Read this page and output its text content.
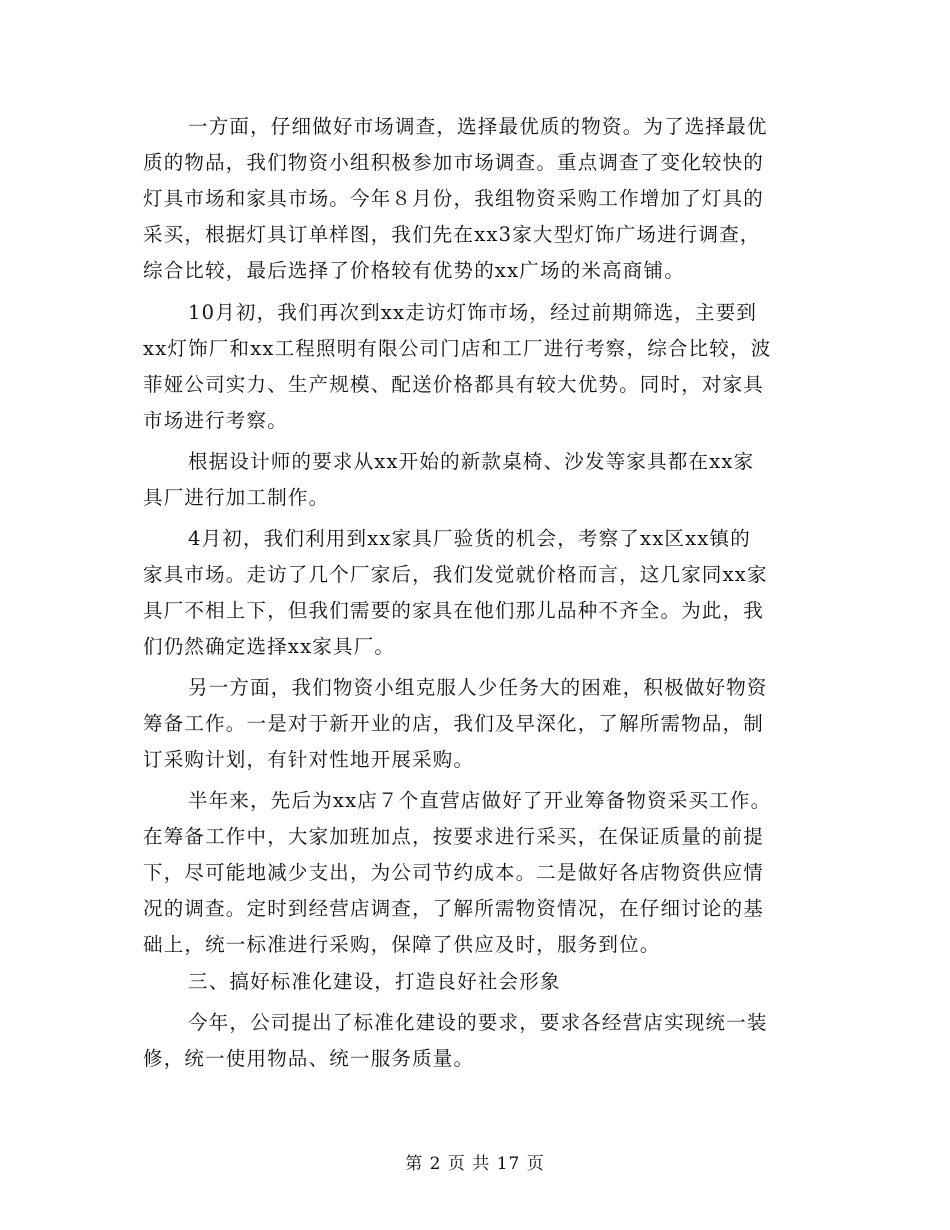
一方面，仔细做好市场调查，选择最优质的物资。为了选择最优
质的物品，我们物资小组积极参加市场调查。重点调查了变化较快的
灯具市场和家具市场。今年８月份，我组物资采购工作增加了灯具的
采买，根据灯具订单样图，我们先在xx3家大型灯饰广场进行调查，
综合比较，最后选择了价格较有优势的xx广场的米高商铺。
10月初，我们再次到xx走访灯饰市场，经过前期筛选，主要到
xx灯饰厂和xx工程照明有限公司门店和工厂进行考察，综合比较，波
菲娅公司实力、生产规模、配送价格都具有较大优势。同时，对家具
市场进行考察。
根据设计师的要求从xx开始的新款桌椅、沙发等家具都在xx家
具厂进行加工制作。
4月初，我们利用到xx家具厂验货的机会，考察了xx区xx镇的
家具市场。走访了几个厂家后，我们发觉就价格而言，这几家同xx家
具厂不相上下，但我们需要的家具在他们那儿品种不齐全。为此，我
们仍然确定选择xx家具厂。
另一方面，我们物资小组克服人少任务大的困难，积极做好物资
筹备工作。一是对于新开业的店，我们及早深化，了解所需物品，制
订采购计划，有针对性地开展采购。
半年来，先后为xx店７个直营店做好了开业筹备物资采买工作。
在筹备工作中，大家加班加点，按要求进行采买，在保证质量的前提
下，尽可能地减少支出，为公司节约成本。二是做好各店物资供应情
况的调查。定时到经营店调查，了解所需物资情况，在仔细讨论的基
础上，统一标准进行采购，保障了供应及时，服务到位。
三、搞好标准化建设，打造良好社会形象
今年，公司提出了标准化建设的要求，要求各经营店实现统一装
修，统一使用物品、统一服务质量。
第 2 页 共 17 页
